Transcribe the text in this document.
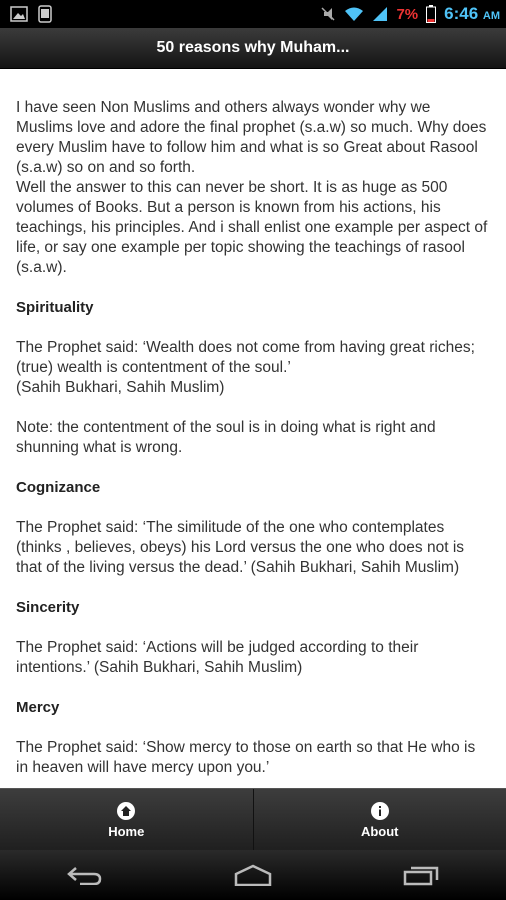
7% 6:46 AM
50 reasons why Muham...

I have seen Non Muslims and others always wonder why we Muslims love and adore the final prophet (s.a.w) so much. Why does every Muslim have to follow him and what is so Great about Rasool (s.a.w) so on and so forth.
Well the answer to this can never be short. It is as huge as 500 volumes of Books. But a person is known from his actions, his teachings, his principles. And i shall enlist one example per aspect of life, or say one example per topic showing the teachings of rasool (s.a.w).

Spirituality

The Prophet said: ‘Wealth does not come from having great riches; (true) wealth is contentment of the soul.’
(Sahih Bukhari, Sahih Muslim)

Note: the contentment of the soul is in doing what is right and shunning what is wrong.

Cognizance

The Prophet said: ‘The similitude of the one who contemplates (thinks , believes, obeys) his Lord versus the one who does not is that of the living versus the dead.’ (Sahih Bukhari, Sahih Muslim)

Sincerity

The Prophet said: ‘Actions will be judged according to their intentions.’ (Sahih Bukhari, Sahih Muslim)

Mercy

The Prophet said: ‘Show mercy to those on earth so that He who is in heaven will have mercy upon you.’

Home	About
